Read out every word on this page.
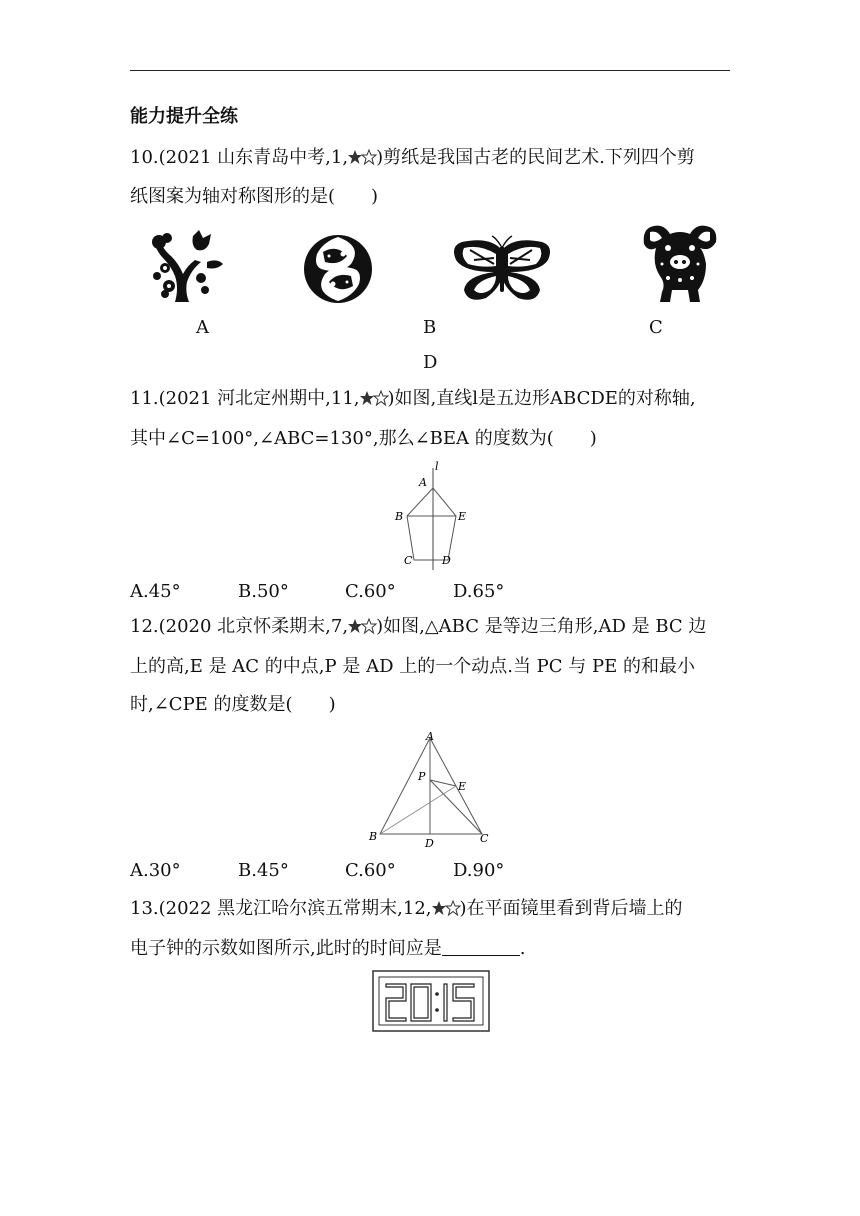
能力提升全练
10.(2021 山东青岛中考,1, )剪纸是我国古老的民间艺术.下列四个剪
纸图案为轴对称图形的是( )
A	B	C
D
11.(2021 河北定州期中,11, )如图,直线l是五边形ABCDE的对称轴,
其中∠C=100°,∠ABC=130°,那么∠BEA 的度数为( )
l
A
B	E
C	D
A.45°	B.50°	C.60°	D.65°
12.(2020 北京怀柔期末,7, )如图,△ABC 是等边三角形,AD 是 BC 边
上的高,E 是 AC 的中点,P 是 AD 上的一个动点.当 PC 与 PE 的和最小
时,∠CPE 的度数是( )
A
P
E
B
D	C
A.30°	B.45°	C.60°	D.90°
13.(2022 黑龙江哈尔滨五常期末,12, )在平面镜里看到背后墙上的
电子钟的示数如图所示,此时的时间应是	.
